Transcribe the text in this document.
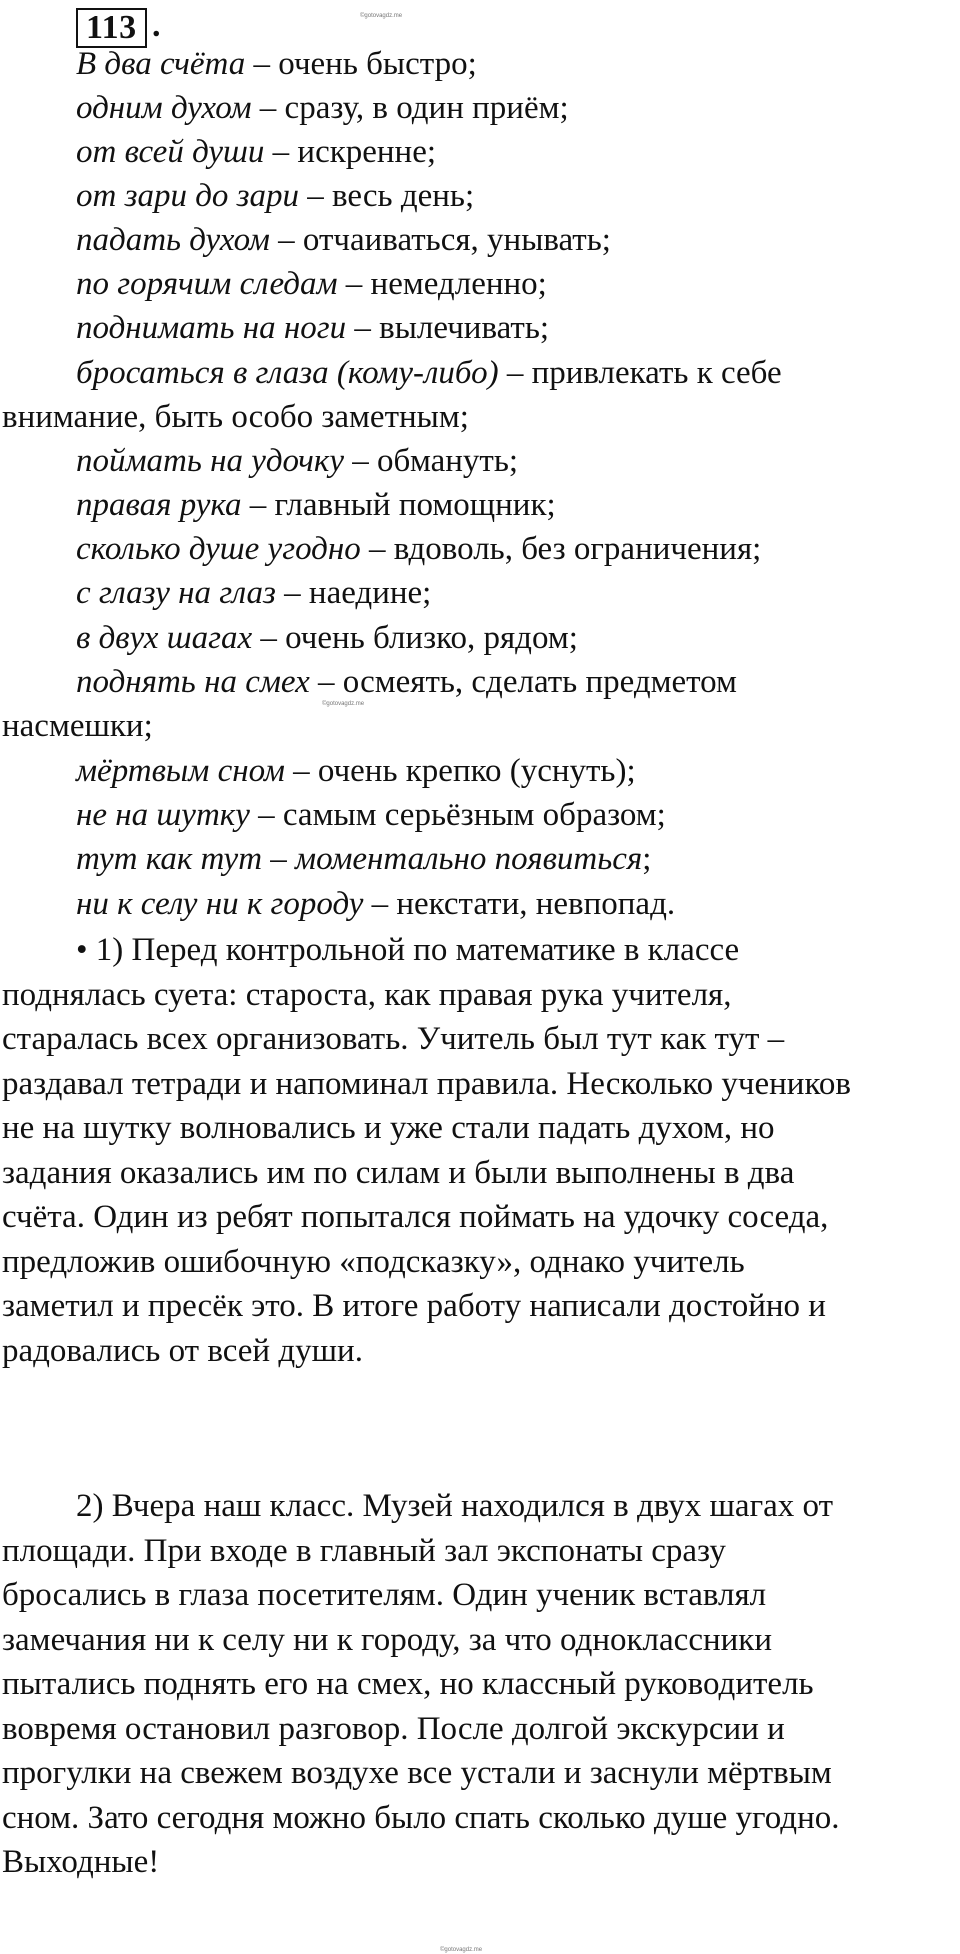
113 .	©gotovagdz.me
©gotovagdz.me
©gotovagdz.me
В два счёта – очень быстро;
одним духом – сразу, в один приём;
от всей души – искренне;
от зари до зари – весь день;
падать духом – отчаиваться, унывать;
по горячим следам – немедленно;
поднимать на ноги – вылечивать;
бросаться в глаза (кому-либо) – привлекать к себе
внимание, быть особо заметным;
поймать на удочку – обмануть;
правая рука – главный помощник;
сколько душе угодно – вдоволь, без ограничения;
с глазу на глаз – наедине;
в двух шагах – очень близко, рядом;
поднять на смех – осмеять, сделать предметом
насмешки;
мёртвым сном – очень крепко (уснуть);
не на шутку – самым серьёзным образом;
тут как тут – моментально появиться;
ни к селу ни к городу – некстати, невпопад.

• 1) Перед контрольной по математике в классе

поднялась суета: староста, как правая рука учителя,

старалась всех организовать. Учитель был тут как тут –

раздавал тетради и напоминал правила. Несколько учеников

не на шутку волновались и уже стали падать духом, но

задания оказались им по силам и были выполнены в два

счёта. Один из ребят попытался поймать на удочку соседа,

предложив ошибочную «подсказку», однако учитель

заметил и пресёк это. В итоге работу написали достойно и

радовались от всей души.

2) Вчера наш класс. Музей находился в двух шагах от

площади. При входе в главный зал экспонаты сразу

бросались в глаза посетителям. Один ученик вставлял

замечания ни к селу ни к городу, за что одноклассники

пытались поднять его на смех, но классный руководитель

вовремя остановил разговор. После долгой экскурсии и

прогулки на свежем воздухе все устали и заснули мёртвым

сном. Зато сегодня можно было спать сколько душе угодно.

Выходные!
